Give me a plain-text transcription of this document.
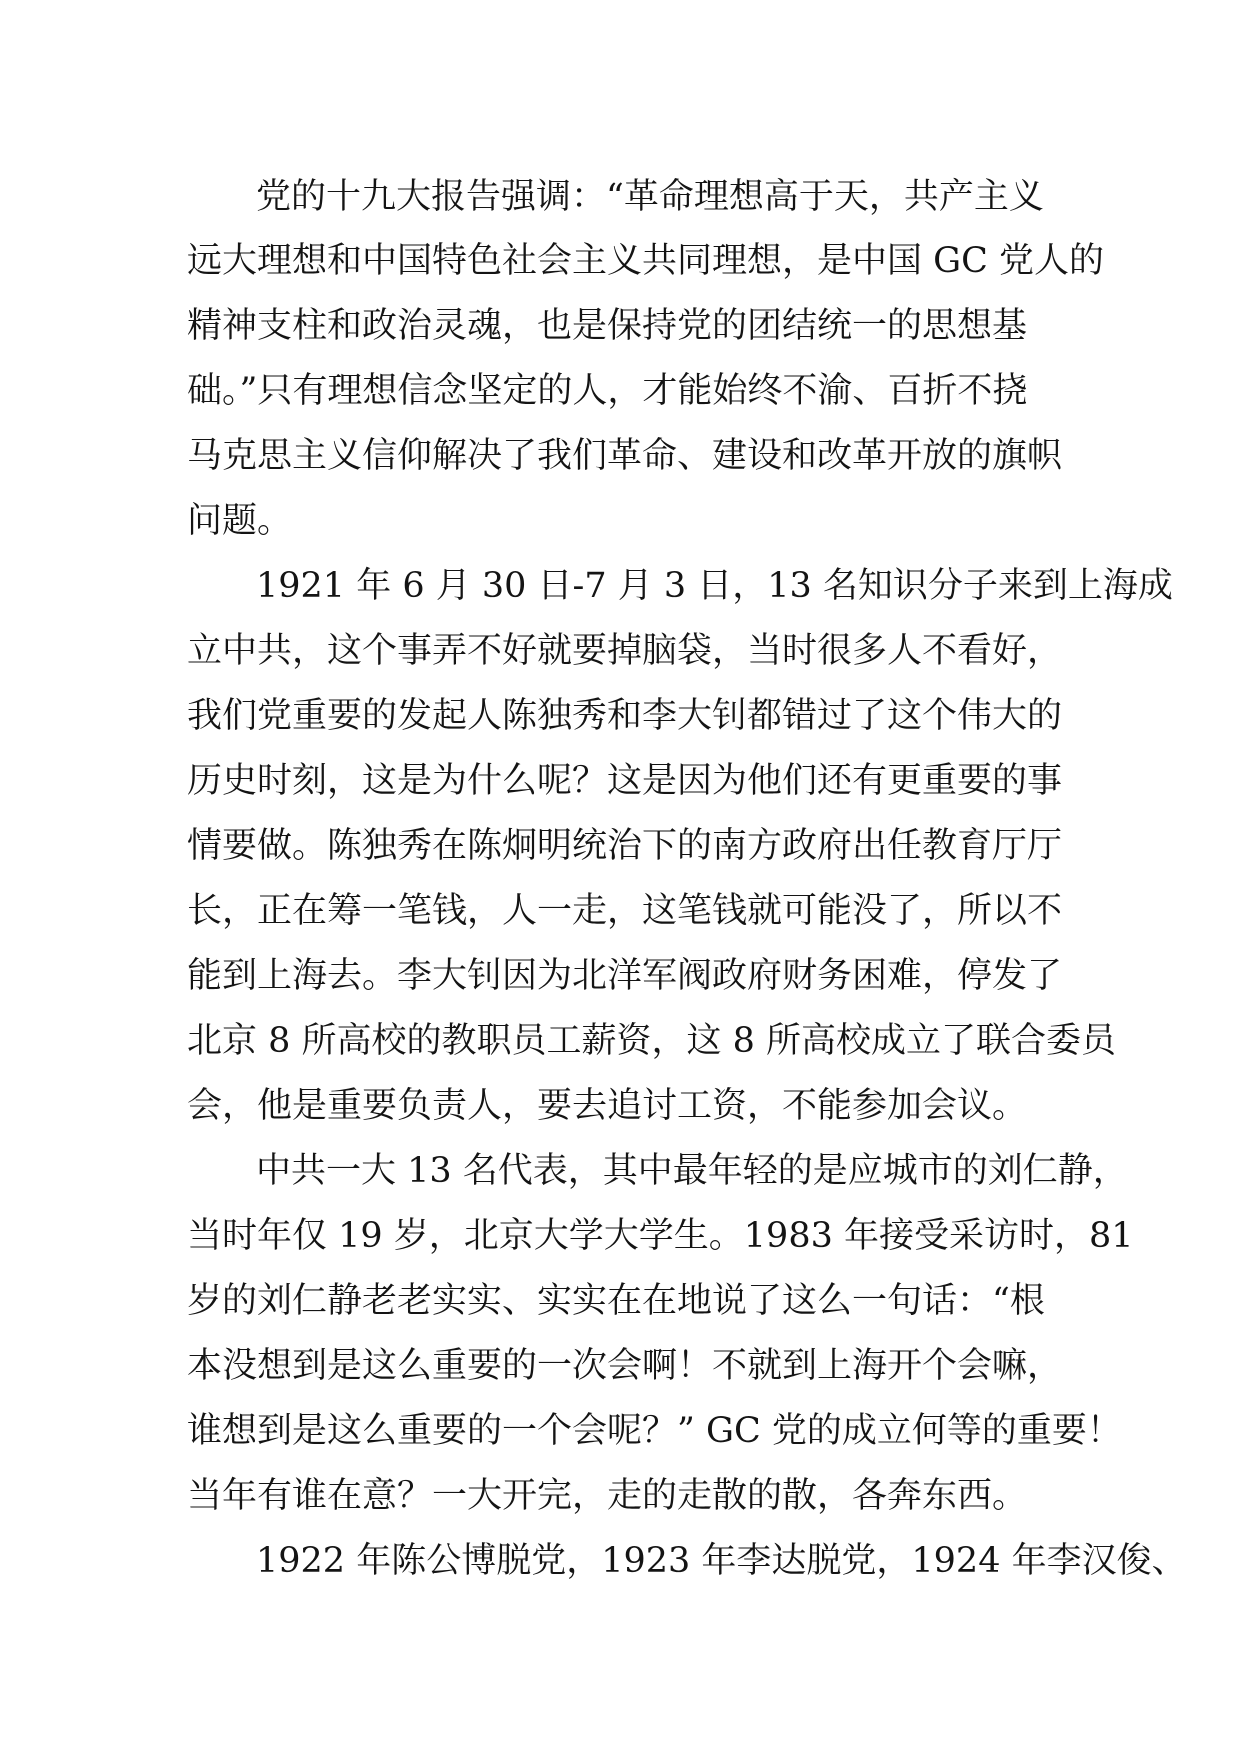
党的十九大报告强调：“革命理想高于天，共产主义
远大理想和中国特色社会主义共同理想，是中国 GC 党人的
精神支柱和政治灵魂，也是保持党的团结统一的思想基
础。”只有理想信念坚定的人，才能始终不渝、百折不挠
马克思主义信仰解决了我们革命、建设和改革开放的旗帜
问题。
1921 年 6 月 30 日-7 月 3 日，13 名知识分子来到上海成
立中共，这个事弄不好就要掉脑袋，当时很多人不看好，
我们党重要的发起人陈独秀和李大钊都错过了这个伟大的
历史时刻，这是为什么呢？这是因为他们还有更重要的事
情要做。陈独秀在陈炯明统治下的南方政府出任教育厅厅
长，正在筹一笔钱，人一走，这笔钱就可能没了，所以不
能到上海去。李大钊因为北洋军阀政府财务困难，停发了
北京 8 所高校的教职员工薪资，这 8 所高校成立了联合委员
会，他是重要负责人，要去追讨工资，不能参加会议。
中共一大 13 名代表，其中最年轻的是应城市的刘仁静，
当时年仅 19 岁，北京大学大学生。1983 年接受采访时，81
岁的刘仁静老老实实、实实在在地说了这么一句话：“根
本没想到是这么重要的一次会啊！不就到上海开个会嘛，
谁想到是这么重要的一个会呢？” GC 党的成立何等的重要！
当年有谁在意？一大开完，走的走散的散，各奔东西。
1922 年陈公博脱党，1923 年李达脱党，1924 年李汉俊、
